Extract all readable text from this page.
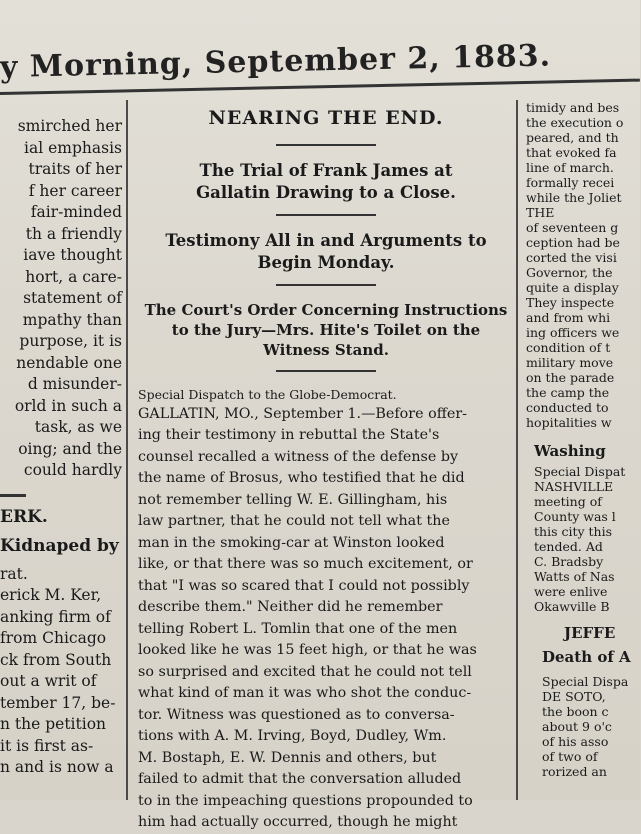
y Morning, September 2, 1883.
smirched her
ial emphasis
traits of her
f her career
fair-minded
th a friendly
iave thought
hort, a care-
statement of
mpathy than
purpose, it is
nendable one
d misunder-
orld in such a
task, as we
oing; and the
could hardly
ERK.
Kidnaped by
rat.
erick M. Ker,
anking firm of
from Chicago
ck from South
out a writ of
tember 17, be-
n the petition
it is first as-
n and is now a
NEARING THE END.
The Trial of Frank James at Gallatin Drawing to a Close.
Testimony All in and Arguments to Begin Monday.
The Court's Order Concerning Instructions to the Jury—Mrs. Hite's Toilet on the Witness Stand.
Special Dispatch to the Globe-Democrat.
GALLATIN, MO., September 1.—Before offer-
ing their testimony in rebuttal the State's
counsel recalled a witness of the defense by
the name of Brosus, who testified that he did
not remember telling W. E. Gillingham, his
law partner, that he could not tell what the
man in the smoking-car at Winston looked
like, or that there was so much excitement, or
that "I was so scared that I could not possibly
describe them." Neither did he remember
telling Robert L. Tomlin that one of the men
looked like he was 15 feet high, or that he was
so surprised and excited that he could not tell
what kind of man it was who shot the conduc-
tor. Witness was questioned as to conversa-
tions with A. M. Irving, Boyd, Dudley, Wm.
M. Bostaph, E. W. Dennis and others, but
failed to admit that the conversation alluded
to in the impeaching questions propounded to
him had actually occurred, though he might
timidy and bes
the execution o
peared, and th
that evoked fa
line of march.
formally recei
while the Joliet
THE
of seventeen g
ception had be
corted the visi
Governor, the
quite a display
They inspecte
and from whi
ing officers we
condition of t
military move
on the parade
the camp the
conducted to
hopitalities w
Washing
Special Dispat
NASHVILLE
meeting of
County was l
this city this
tended. Ad
C. Bradsby
Watts of Nas
were enlive
Okawville B
JEFFE
Death of A
Special Dispa
DE SOTO,
the boon c
about 9 o'c
of his asso
of two of
rorized an
